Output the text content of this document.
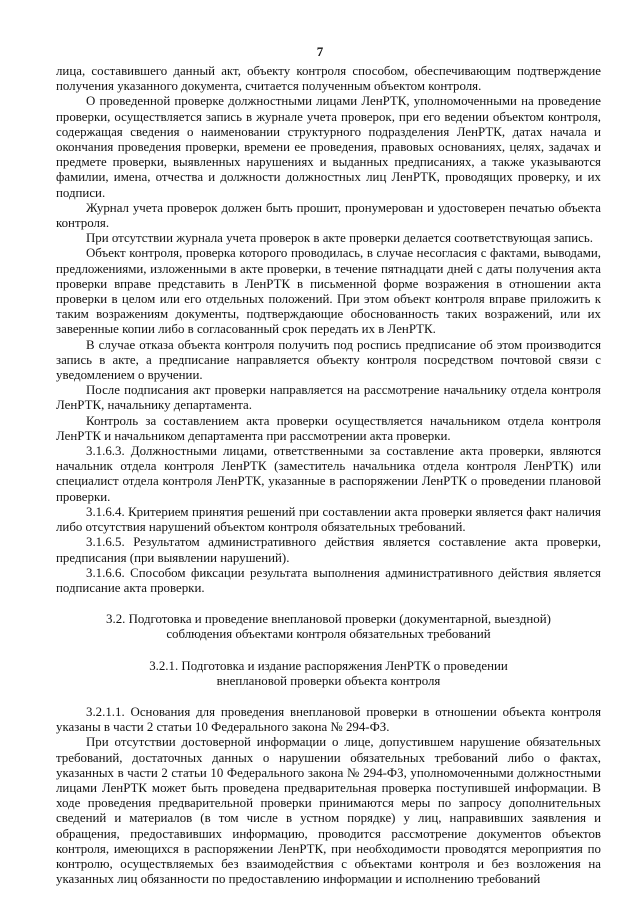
7

лица, составившего данный акт, объекту контроля способом, обеспечивающим подтверждение получения указанного документа, считается полученным объектом контроля.

О проведенной проверке должностными лицами ЛенРТК, уполномоченными на проведение проверки, осуществляется запись в журнале учета проверок, при его ведении объектом контроля, содержащая сведения о наименовании структурного подразделения ЛенРТК, датах начала и окончания проведения проверки, времени ее проведения, правовых основаниях, целях, задачах и предмете проверки, выявленных нарушениях и выданных предписаниях, а также указываются фамилии, имена, отчества и должности должностных лиц ЛенРТК, проводящих проверку, и их подписи.

Журнал учета проверок должен быть прошит, пронумерован и удостоверен печатью объекта контроля.

При отсутствии журнала учета проверок в акте проверки делается соответствующая запись.

Объект контроля, проверка которого проводилась, в случае несогласия с фактами, выводами, предложениями, изложенными в акте проверки, в течение пятнадцати дней с даты получения акта проверки вправе представить в ЛенРТК в письменной форме возражения в отношении акта проверки в целом или его отдельных положений. При этом объект контроля вправе приложить к таким возражениям документы, подтверждающие обоснованность таких возражений, или их заверенные копии либо в согласованный срок передать их в ЛенРТК.

В случае отказа объекта контроля получить под роспись предписание об этом производится запись в акте, а предписание направляется объекту контроля посредством почтовой связи с уведомлением о вручении.

После подписания акт проверки направляется на рассмотрение начальнику отдела контроля ЛенРТК, начальнику департамента.

Контроль за составлением акта проверки осуществляется начальником отдела контроля ЛенРТК и начальником департамента при рассмотрении акта проверки.

3.1.6.3. Должностными лицами, ответственными за составление акта проверки, являются начальник отдела контроля ЛенРТК (заместитель начальника отдела контроля ЛенРТК) или специалист отдела контроля ЛенРТК, указанные в распоряжении ЛенРТК о проведении плановой проверки.

3.1.6.4. Критерием принятия решений при составлении акта проверки является факт наличия либо отсутствия нарушений объектом контроля обязательных требований.

3.1.6.5. Результатом административного действия является составление акта проверки, предписания (при выявлении нарушений).

3.1.6.6. Способом фиксации результата выполнения административного действия является подписание акта проверки.

3.2. Подготовка и проведение внеплановой проверки (документарной, выездной)

соблюдения объектами контроля обязательных требований

3.2.1. Подготовка и издание распоряжения ЛенРТК о проведении

внеплановой проверки объекта контроля

3.2.1.1. Основания для проведения внеплановой проверки в отношении объекта контроля указаны в части 2 статьи 10 Федерального закона № 294-ФЗ.

При отсутствии достоверной информации о лице, допустившем нарушение обязательных требований, достаточных данных о нарушении обязательных требований либо о фактах, указанных в части 2 статьи 10 Федерального закона № 294-ФЗ, уполномоченными должностными лицами ЛенРТК может быть проведена предварительная проверка поступившей информации. В ходе проведения предварительной проверки принимаются меры по запросу дополнительных сведений и материалов (в том числе в устном порядке) у лиц, направивших заявления и обращения, предоставивших информацию, проводится рассмотрение документов объектов контроля, имеющихся в распоряжении ЛенРТК, при необходимости проводятся мероприятия по контролю, осуществляемых без взаимодействия с объектами контроля и без возложения на указанных лиц обязанности по предоставлению информации и исполнению требований
